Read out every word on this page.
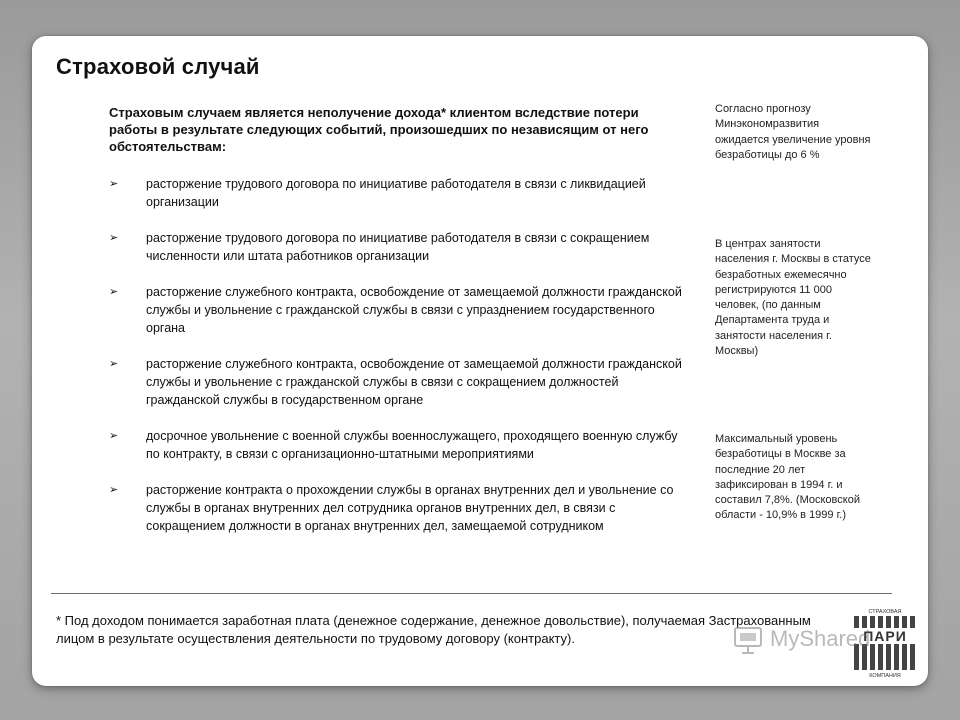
Страховой случай

Страховым случаем является неполучение дохода* клиентом вследствие потери работы в результате следующих событий, произошедших по независящим от него обстоятельствам:

➢ расторжение трудового договора по инициативе работодателя в связи с ликвидацией организации
➢ расторжение трудового договора по инициативе работодателя в связи с сокращением численности или штата работников организации
➢ расторжение служебного контракта, освобождение от замещаемой должности гражданской службы и увольнение с гражданской службы в связи с упразднением государственного органа
➢ расторжение служебного контракта, освобождение от замещаемой должности гражданской службы и увольнение с гражданской службы в связи с сокращением должностей гражданской службы в государственном органе
➢ досрочное увольнение с военной службы военнослужащего, проходящего военную службу по контракту, в связи с организационно-штатными мероприятиями
➢ расторжение контракта о прохождении службы в органах внутренних дел и увольнение со службы в органах внутренних дел сотрудника органов внутренних дел, в связи с сокращением должности в органах внутренних дел, замещаемой сотрудником
Согласно прогнозу Минэкономразвития ожидается увеличение уровня безработицы до 6 %
В центрах занятости населения г. Москвы в статусе безработных ежемесячно регистрируются 11 000 человек, (по данным Департамента труда и занятости населения г. Москвы)
Максимальный уровень безработицы в Москве за последние 20 лет зафиксирован в 1994 г. и составил 7,8%. (Московской области - 10,9% в 1999 г.)
* Под доходом понимается заработная плата (денежное содержание, денежное довольствие), получаемая Застрахованным лицом в результате осуществления деятельности по трудовому договору (контракту).
СТРАХОВАЯ
ПАРИ
КОМПАНИЯ
MyShared
